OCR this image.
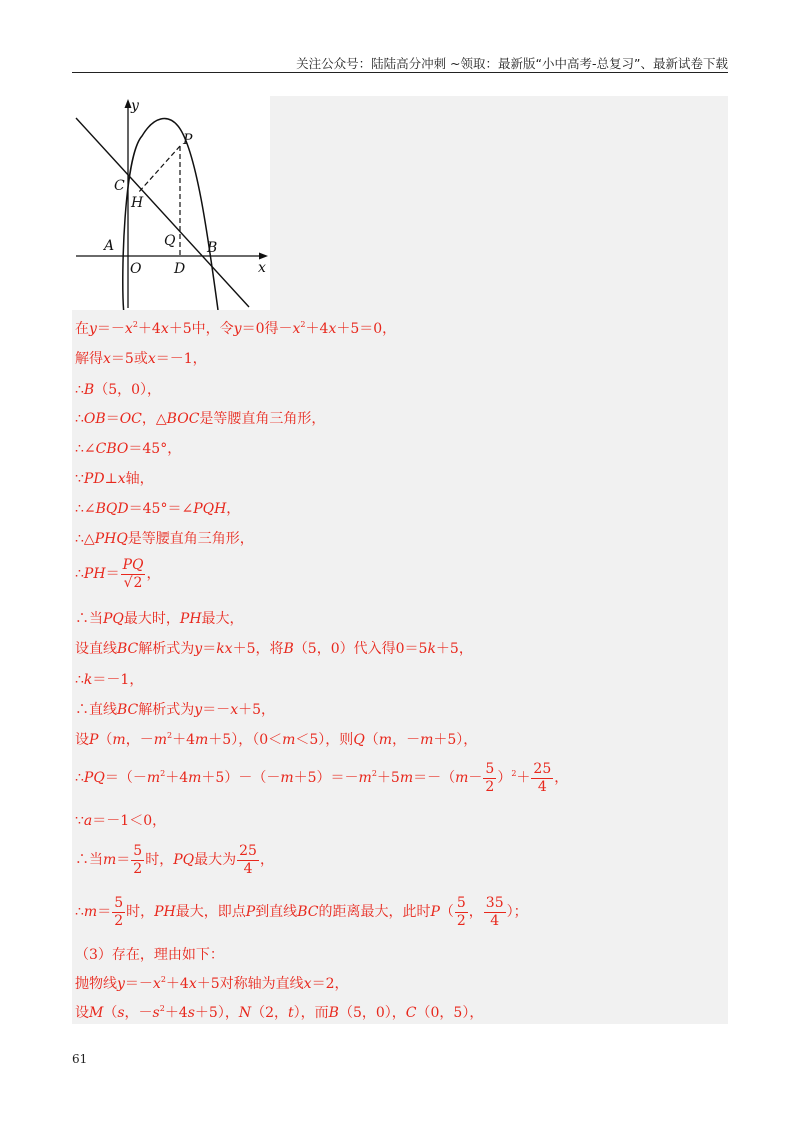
关注公众号：陆陆高分冲刺 ~领取：最新版“小中高考-总复习”、最新试卷下载
y
x
P
C
H
Q
A
O D
B
在$y=-x^2+4x+5$中，令y＝0得$-x^2+4x+5=0$，
解得x＝5或x＝－1，
∴B（5，0），
∴OB＝OC，△BOC是等腰直角三角形，
∴∠CBO＝45°，
∵PD⊥x轴，
∴∠BQD＝45°＝∠PQH，
∴△PHQ是等腰直角三角形，
∴PH＝ $\frac{PQ}{√2}$ ，
∴当PQ最大时，PH最大，
设直线BC解析式为y＝kx＋5，将B（5，0）代入得0＝5k＋5，
∴k＝－1，
∴直线BC解析式为y＝－x＋5，
设P（m，$-m^2+4m+5$），（0＜m＜5），则Q（m，－m＋5），
$\therefore PQ=(-m^2+4m+5)-(-m+5)=-m^2+5m=-(m- \frac{5}{2} )^2+ \frac{25}{4}$ ，
∵a＝－1＜0，
∴当$m= \frac{5}{2}$ 时，PQ最大为 $\frac{25}{4}$ ，
∴m＝ $\frac{5}{2}$ 时，PH最大，即点P到直线BC的距离最大，此时$P( \frac{5}{2}$ ， $\frac{35}{4}$ ）；
（3）存在，理由如下：
抛物线$y=-x^2+4x+5$对称轴为直线x＝2，
设M（s，$-s^2+4s+5$），N（2，t），而B（5，0），C（0，5），
61
